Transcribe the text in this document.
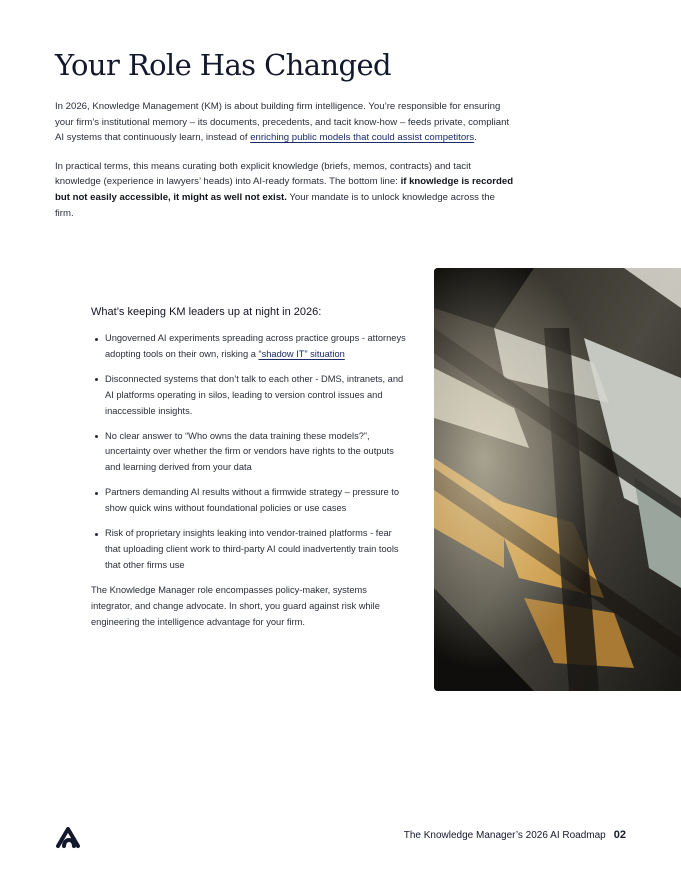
Your Role Has Changed

In 2026, Knowledge Management (KM) is about building firm intelligence. You’re responsible for ensuring your firm’s institutional memory – its documents, precedents, and tacit know-how – feeds private, compliant AI systems that continuously learn, instead of enriching public models that could assist competitors.

In practical terms, this means curating both explicit knowledge (briefs, memos, contracts) and tacit knowledge (experience in lawyers’ heads) into AI-ready formats. The bottom line: if knowledge is recorded but not easily accessible, it might as well not exist. Your mandate is to unlock knowledge across the firm.

What’s keeping KM leaders up at night in 2026:
Ungoverned AI experiments spreading across practice groups - attorneys adopting tools on their own, risking a “shadow IT” situation
Disconnected systems that don’t talk to each other - DMS, intranets, and AI platforms operating in silos, leading to version control issues and inaccessible insights.
No clear answer to “Who owns the data training these models?”, uncertainty over whether the firm or vendors have rights to the outputs and learning derived from your data
Partners demanding AI results without a firmwide strategy – pressure to show quick wins without foundational policies or use cases
Risk of proprietary insights leaking into vendor-trained platforms - fear that uploading client work to third-party AI could inadvertently train tools that other firms use

The Knowledge Manager role encompasses policy-maker, systems integrator, and change advocate. In short, you guard against risk while engineering the intelligence advantage for your firm.

The Knowledge Manager’s 2026 AI Roadmap 02
